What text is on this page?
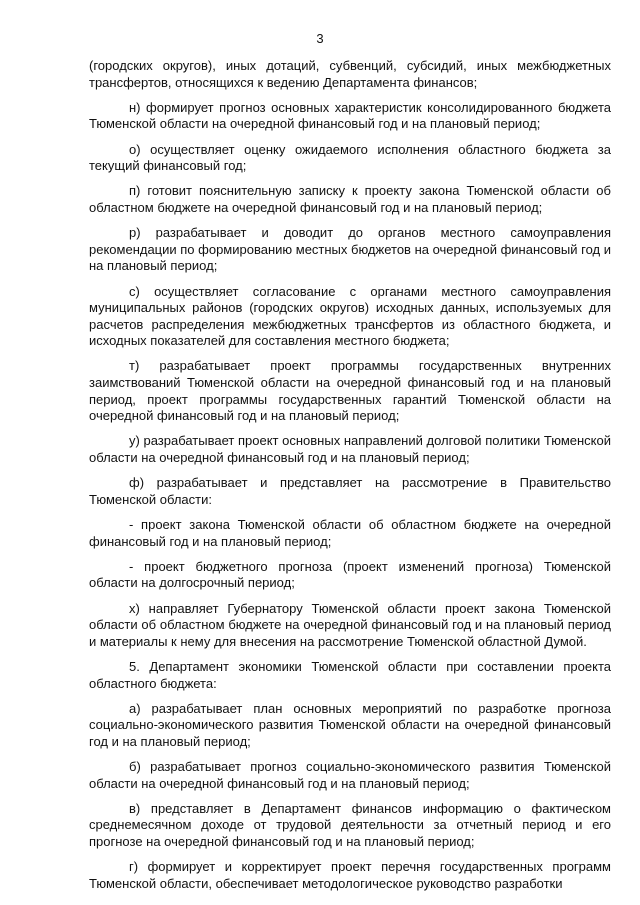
3

(городских округов), иных дотаций, субвенций, субсидий, иных межбюджетных трансфертов, относящихся к ведению Департамента финансов;

н) формирует прогноз основных характеристик консолидированного бюджета Тюменской области на очередной финансовый год и на плановый период;

о) осуществляет оценку ожидаемого исполнения областного бюджета за текущий финансовый год;

п) готовит пояснительную записку к проекту закона Тюменской области об областном бюджете на очередной финансовый год и на плановый период;

р) разрабатывает и доводит до органов местного самоуправления рекомендации по формированию местных бюджетов на очередной финансовый год и на плановый период;

с) осуществляет согласование с органами местного самоуправления муниципальных районов (городских округов) исходных данных, используемых для расчетов распределения межбюджетных трансфертов из областного бюджета, и исходных показателей для составления местного бюджета;

т) разрабатывает проект программы государственных внутренних заимствований Тюменской области на очередной финансовый год и на плановый период, проект программы государственных гарантий Тюменской области на очередной финансовый год и на плановый период;

у) разрабатывает проект основных направлений долговой политики Тюменской области на очередной финансовый год и на плановый период;

ф) разрабатывает и представляет на рассмотрение в Правительство Тюменской области:

- проект закона Тюменской области об областном бюджете на очередной финансовый год и на плановый период;

- проект бюджетного прогноза (проект изменений прогноза) Тюменской области на долгосрочный период;

х) направляет Губернатору Тюменской области проект закона Тюменской области об областном бюджете на очередной финансовый год и на плановый период и материалы к нему для внесения на рассмотрение Тюменской областной Думой.

5. Департамент экономики Тюменской области при составлении проекта областного бюджета:

а) разрабатывает план основных мероприятий по разработке прогноза социально-экономического развития Тюменской области на очередной финансовый год и на плановый период;

б) разрабатывает прогноз социально-экономического развития Тюменской области на очередной финансовый год и на плановый период;

в) представляет в Департамент финансов информацию о фактическом среднемесячном доходе от трудовой деятельности за отчетный период и его прогнозе на очередной финансовый год и на плановый период;

г) формирует и корректирует проект перечня государственных программ Тюменской области, обеспечивает методологическое руководство разработки
